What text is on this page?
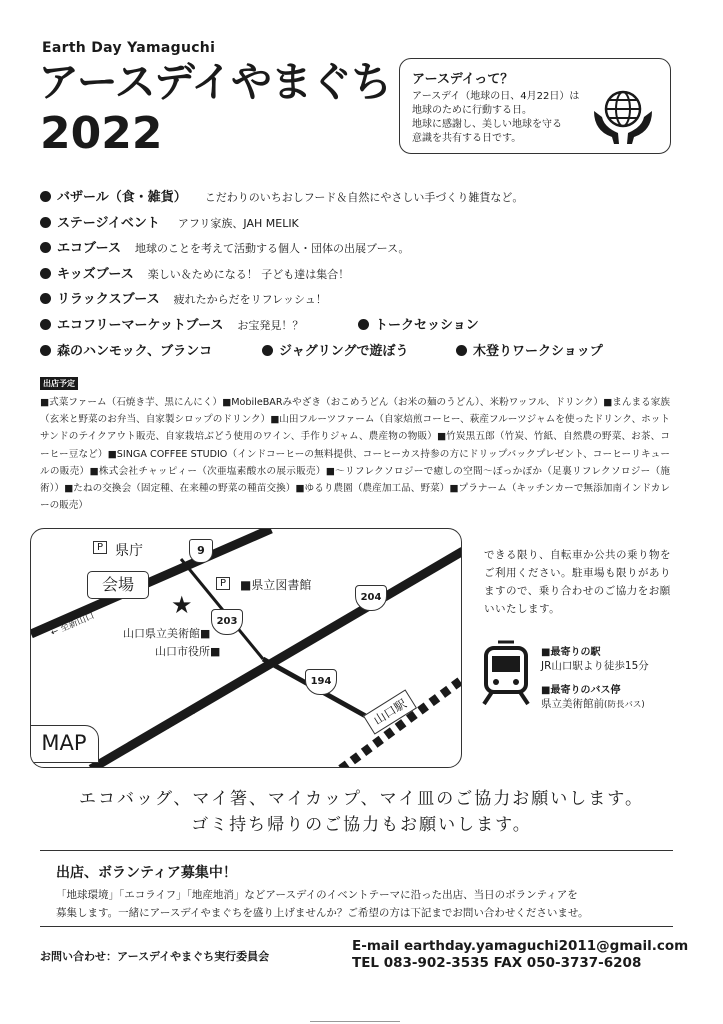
Earth Day Yamaguchi
アースデイやまぐち
2022
アースデイって？
アースデイ（地球の日、4月22日）は
地球のために行動する日。
地球に感謝し、美しい地球を守る
意識を共有する日です。
バザール（食・雑貨） こだわりのいちおしフード＆自然にやさしい手づくり雑貨など。
ステージイベント アフリ家族、JAH MELIK
エコブース 地球のことを考えて活動する個人・団体の出展ブース。
キッズブース 楽しい＆ためになる！ 子ども達は集合！
リラックスブース 疲れたからだをリフレッシュ！
エコフリーマーケットブース お宝発見！？	トークセッション
森のハンモック、ブランコ	ジャグリングで遊ぼう	木登りワークショップ
出店予定
■式菜ファーム（石焼き芋、黒にんにく）■MobileBARみやざき（おこめうどん（お米の麺のうどん）、米粉ワッフル、ドリンク）■まんまる家族（玄米と野菜のお弁当、自家製シロップのドリンク）■山田フルーツファーム（自家焙煎コーヒー、萩産フルーツジャムを使ったドリンク、ホットサンドのテイクアウト販売、自家栽培ぶどう使用のワイン、手作りジャム、農産物の物販）■竹炭黒五郎（竹炭、竹紙、自然農の野菜、お茶、コーヒー豆など）■SINGA COFFEE STUDIO（インドコーヒーの無料提供、コーヒーカス持参の方にドリップバックプレゼント、コーヒーリキュールの販売）■株式会社チャッピィー（次亜塩素酸水の展示販売）■～リフレクソロジーで癒しの空間～ぽっかぽか（足裏リフレクソロジー（施術））■たねの交換会（固定種、在来種の野菜の種苗交換）■ゆるり農園（農産加工品、野菜）■プラナーム（キッチンカーで無添加南インドカレーの販売）
MAP
会場
★
P 県庁	9
P	■県立図書館
203
204
194
山口県立美術館■
山口市役所■
← 至新山口
← 至湯田温泉	山口駅
できる限り、自転車か公共の乗り物をご利用ください。駐車場も限りがありますので、乗り合わせのご協力をお願いいたします。
■最寄りの駅
JR山口駅より徒歩15分
■最寄りのバス停
県立美術館前(防長バス)
エコバッグ、マイ箸、マイカップ、マイ皿のご協力お願いします。
ゴミ持ち帰りのご協力もお願いします。
出店、ボランティア募集中！
「地球環境」「エコライフ」「地産地消」などアースデイのイベントテーマに沿った出店、当日のボランティアを
募集します。一緒にアースデイやまぐちを盛り上げませんか？ご希望の方は下記までお問い合わせくださいませ。
お問い合わせ：アースデイやまぐち実行委員会
E-mail earthday.yamaguchi2011@gmail.com
TEL 083-902-3535 FAX 050-3737-6208
